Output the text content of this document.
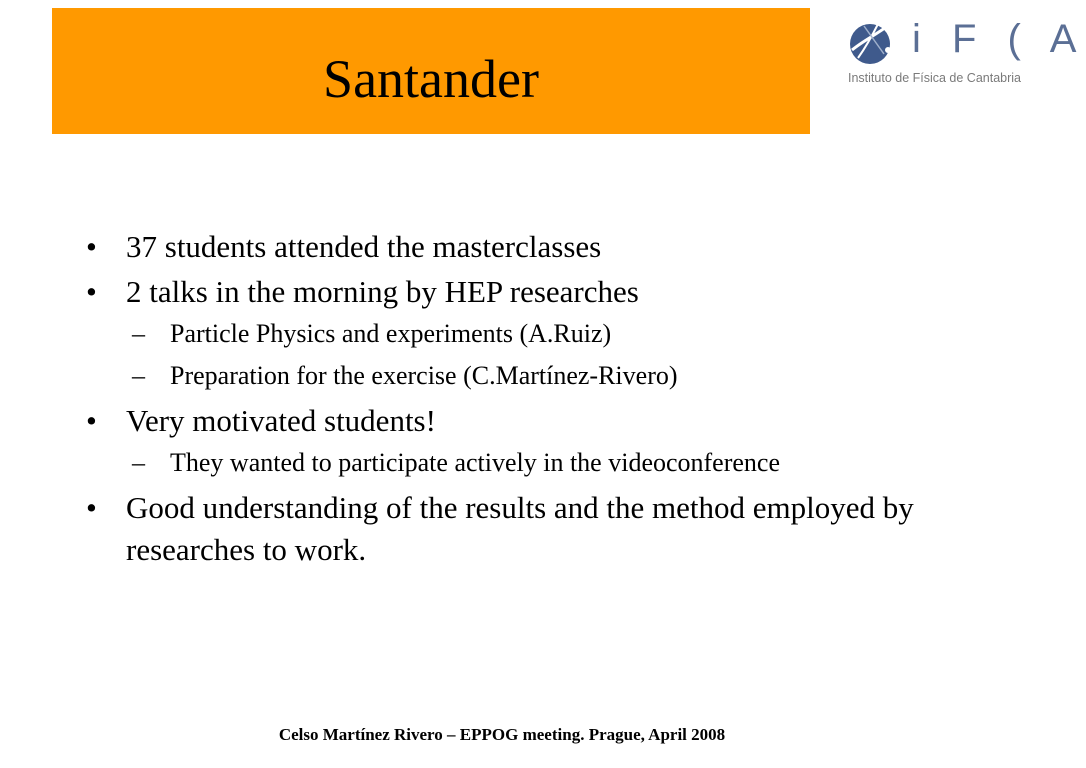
Santander
i F ( A
Instituto de Física de Cantabria
• 37 students attended the masterclasses
• 2 talks in the morning by HEP researches
– Particle Physics and experiments (A.Ruiz)
– Preparation for the exercise (C.Martínez-Rivero)
• Very motivated students!
– They wanted to participate actively in the videoconference
• Good understanding of the results and the method employed by researches to work.
Celso Martínez Rivero – EPPOG meeting. Prague, April 2008
